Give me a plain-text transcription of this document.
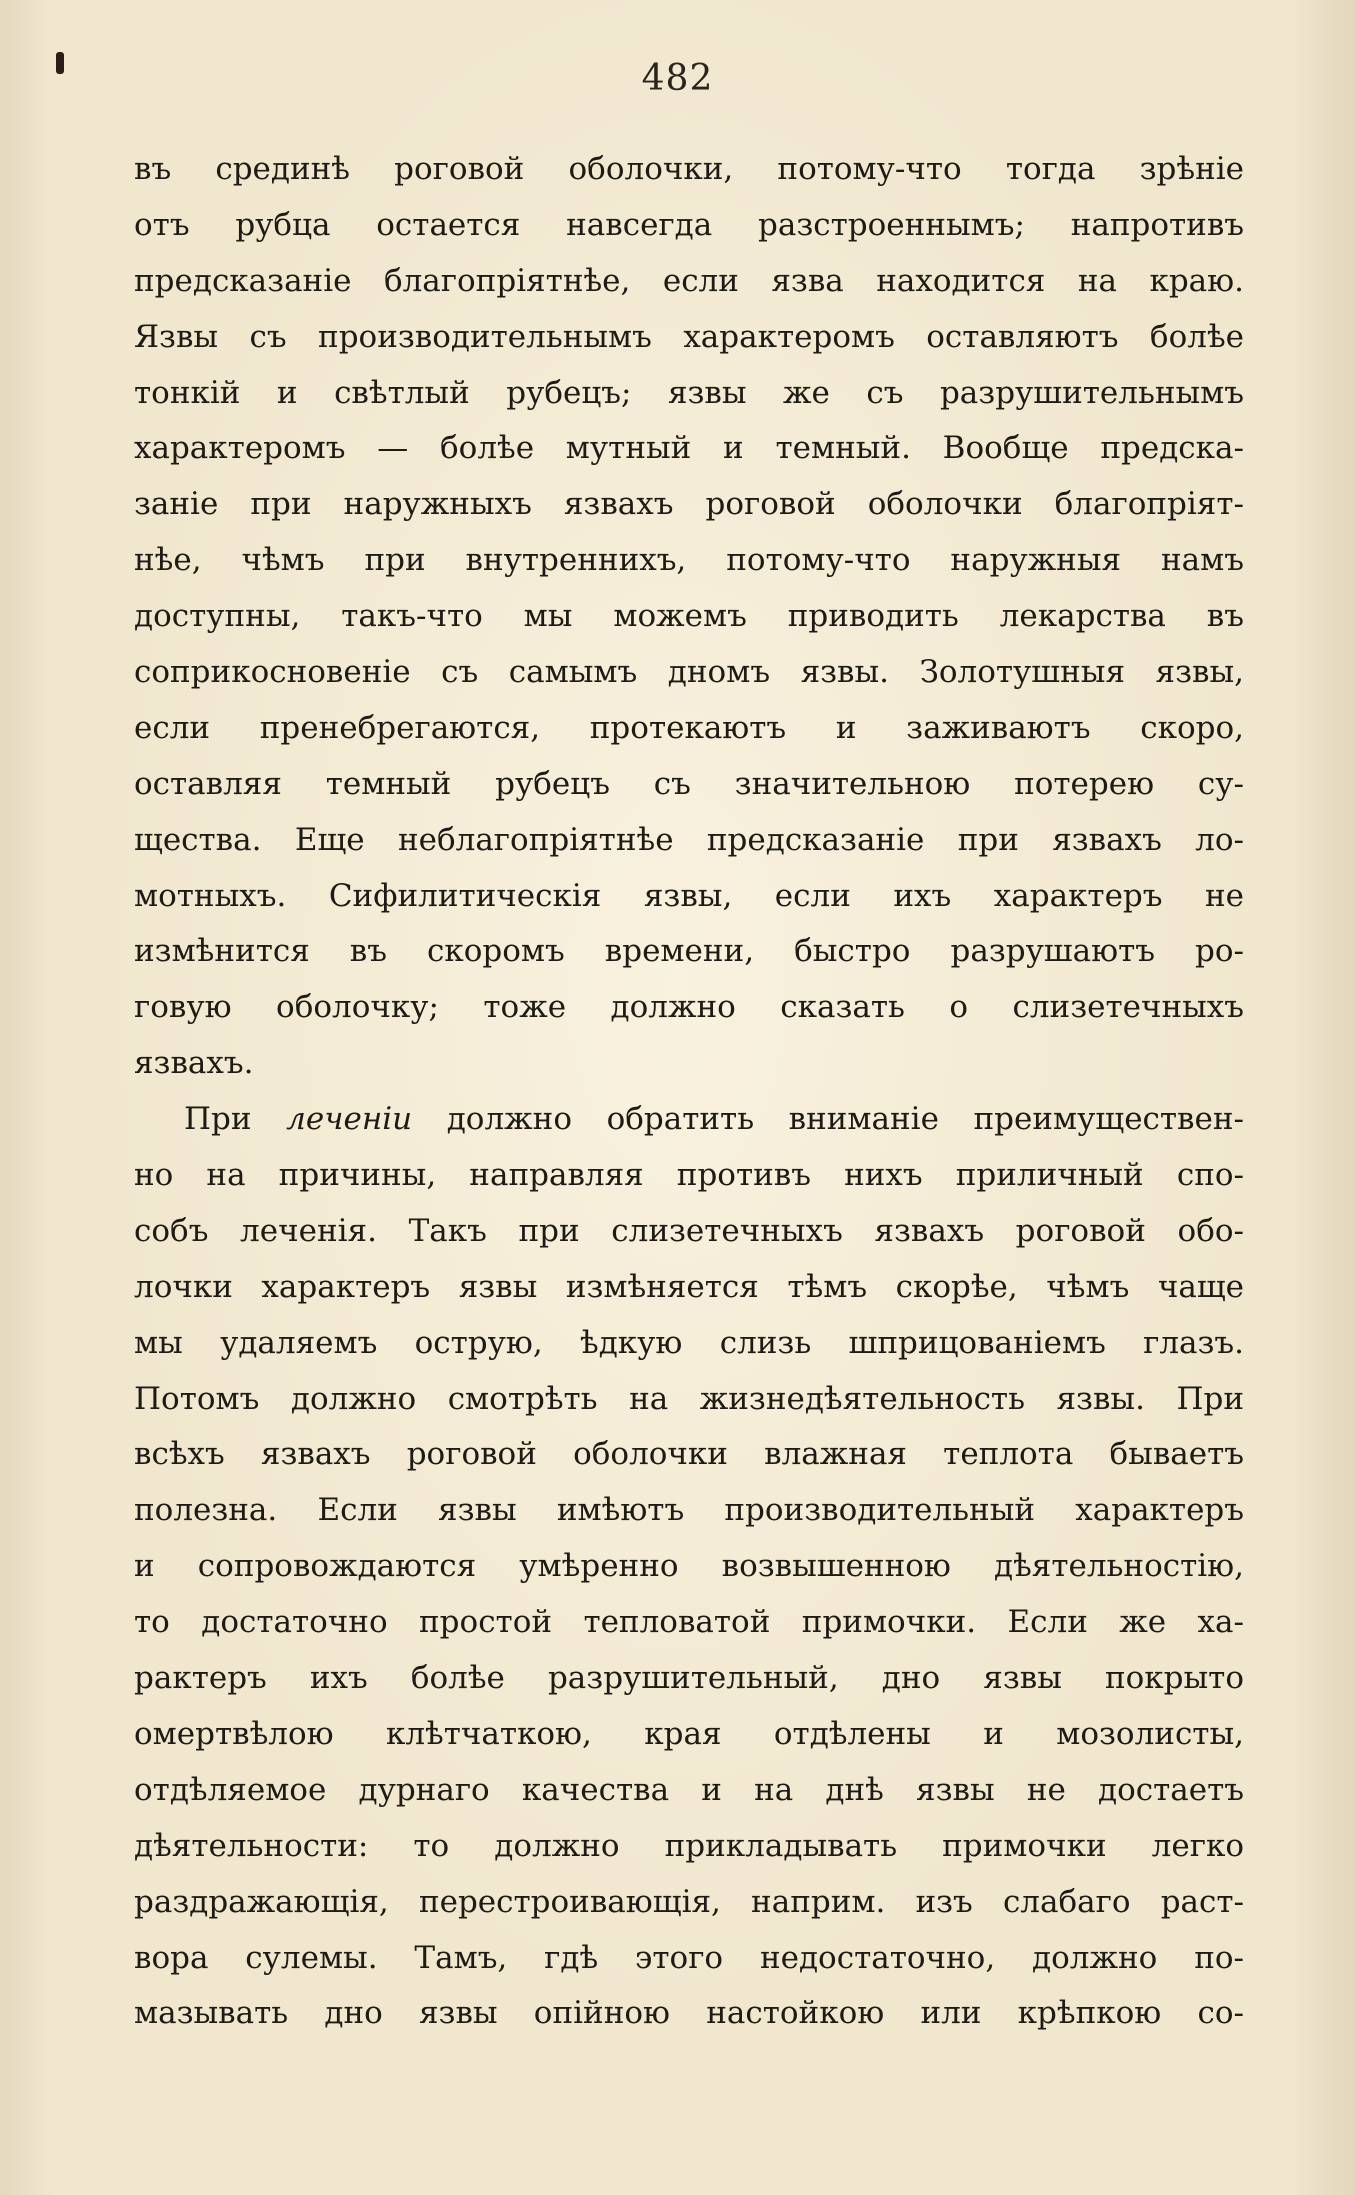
482
въ срединѣ роговой оболочки, потому-что тогда зрѣніе
отъ рубца остается навсегда разстроеннымъ; напротивъ
предсказаніе благопріятнѣе, если язва находится на краю.
Язвы съ производительнымъ характеромъ оставляютъ болѣе
тонкій и свѣтлый рубецъ; язвы же съ разрушительнымъ
характеромъ — болѣе мутный и темный. Вообще предска-
заніе при наружныхъ язвахъ роговой оболочки благопріят-
нѣе, чѣмъ при внутреннихъ, потому-что наружныя намъ
доступны, такъ-что мы можемъ приводить лекарства въ
соприкосновеніе съ самымъ дномъ язвы. Золотушныя язвы,
если пренебрегаются, протекаютъ и заживаютъ скоро,
оставляя темный рубецъ съ значительною потерею су-
щества. Еще неблагопріятнѣе предсказаніе при язвахъ ло-
мотныхъ. Сифилитическія язвы, если ихъ характеръ не
измѣнится въ скоромъ времени, быстро разрушаютъ ро-
говую оболочку; тоже должно сказать о слизетечныхъ
язвахъ.
При леченіи должно обратить вниманіе преимуществен-
но на причины, направляя противъ нихъ приличный спо-
собъ леченія. Такъ при слизетечныхъ язвахъ роговой обо-
лочки характеръ язвы измѣняется тѣмъ скорѣе, чѣмъ чаще
мы удаляемъ острую, ѣдкую слизь шприцованіемъ глазъ.
Потомъ должно смотрѣть на жизнедѣятельность язвы. При
всѣхъ язвахъ роговой оболочки влажная теплота бываетъ
полезна. Если язвы имѣютъ производительный характеръ
и сопровождаются умѣренно возвышенною дѣятельностію,
то достаточно простой тепловатой примочки. Если же ха-
рактеръ ихъ болѣе разрушительный, дно язвы покрыто
омертвѣлою клѣтчаткою, края отдѣлены и мозолисты,
отдѣляемое дурнаго качества и на днѣ язвы не достаетъ
дѣятельности: то должно прикладывать примочки легко
раздражающія, перестроивающія, наприм. изъ слабаго раст-
вора сулемы. Тамъ, гдѣ этого недостаточно, должно по-
мазывать дно язвы опійною настойкою или крѣпкою со-
